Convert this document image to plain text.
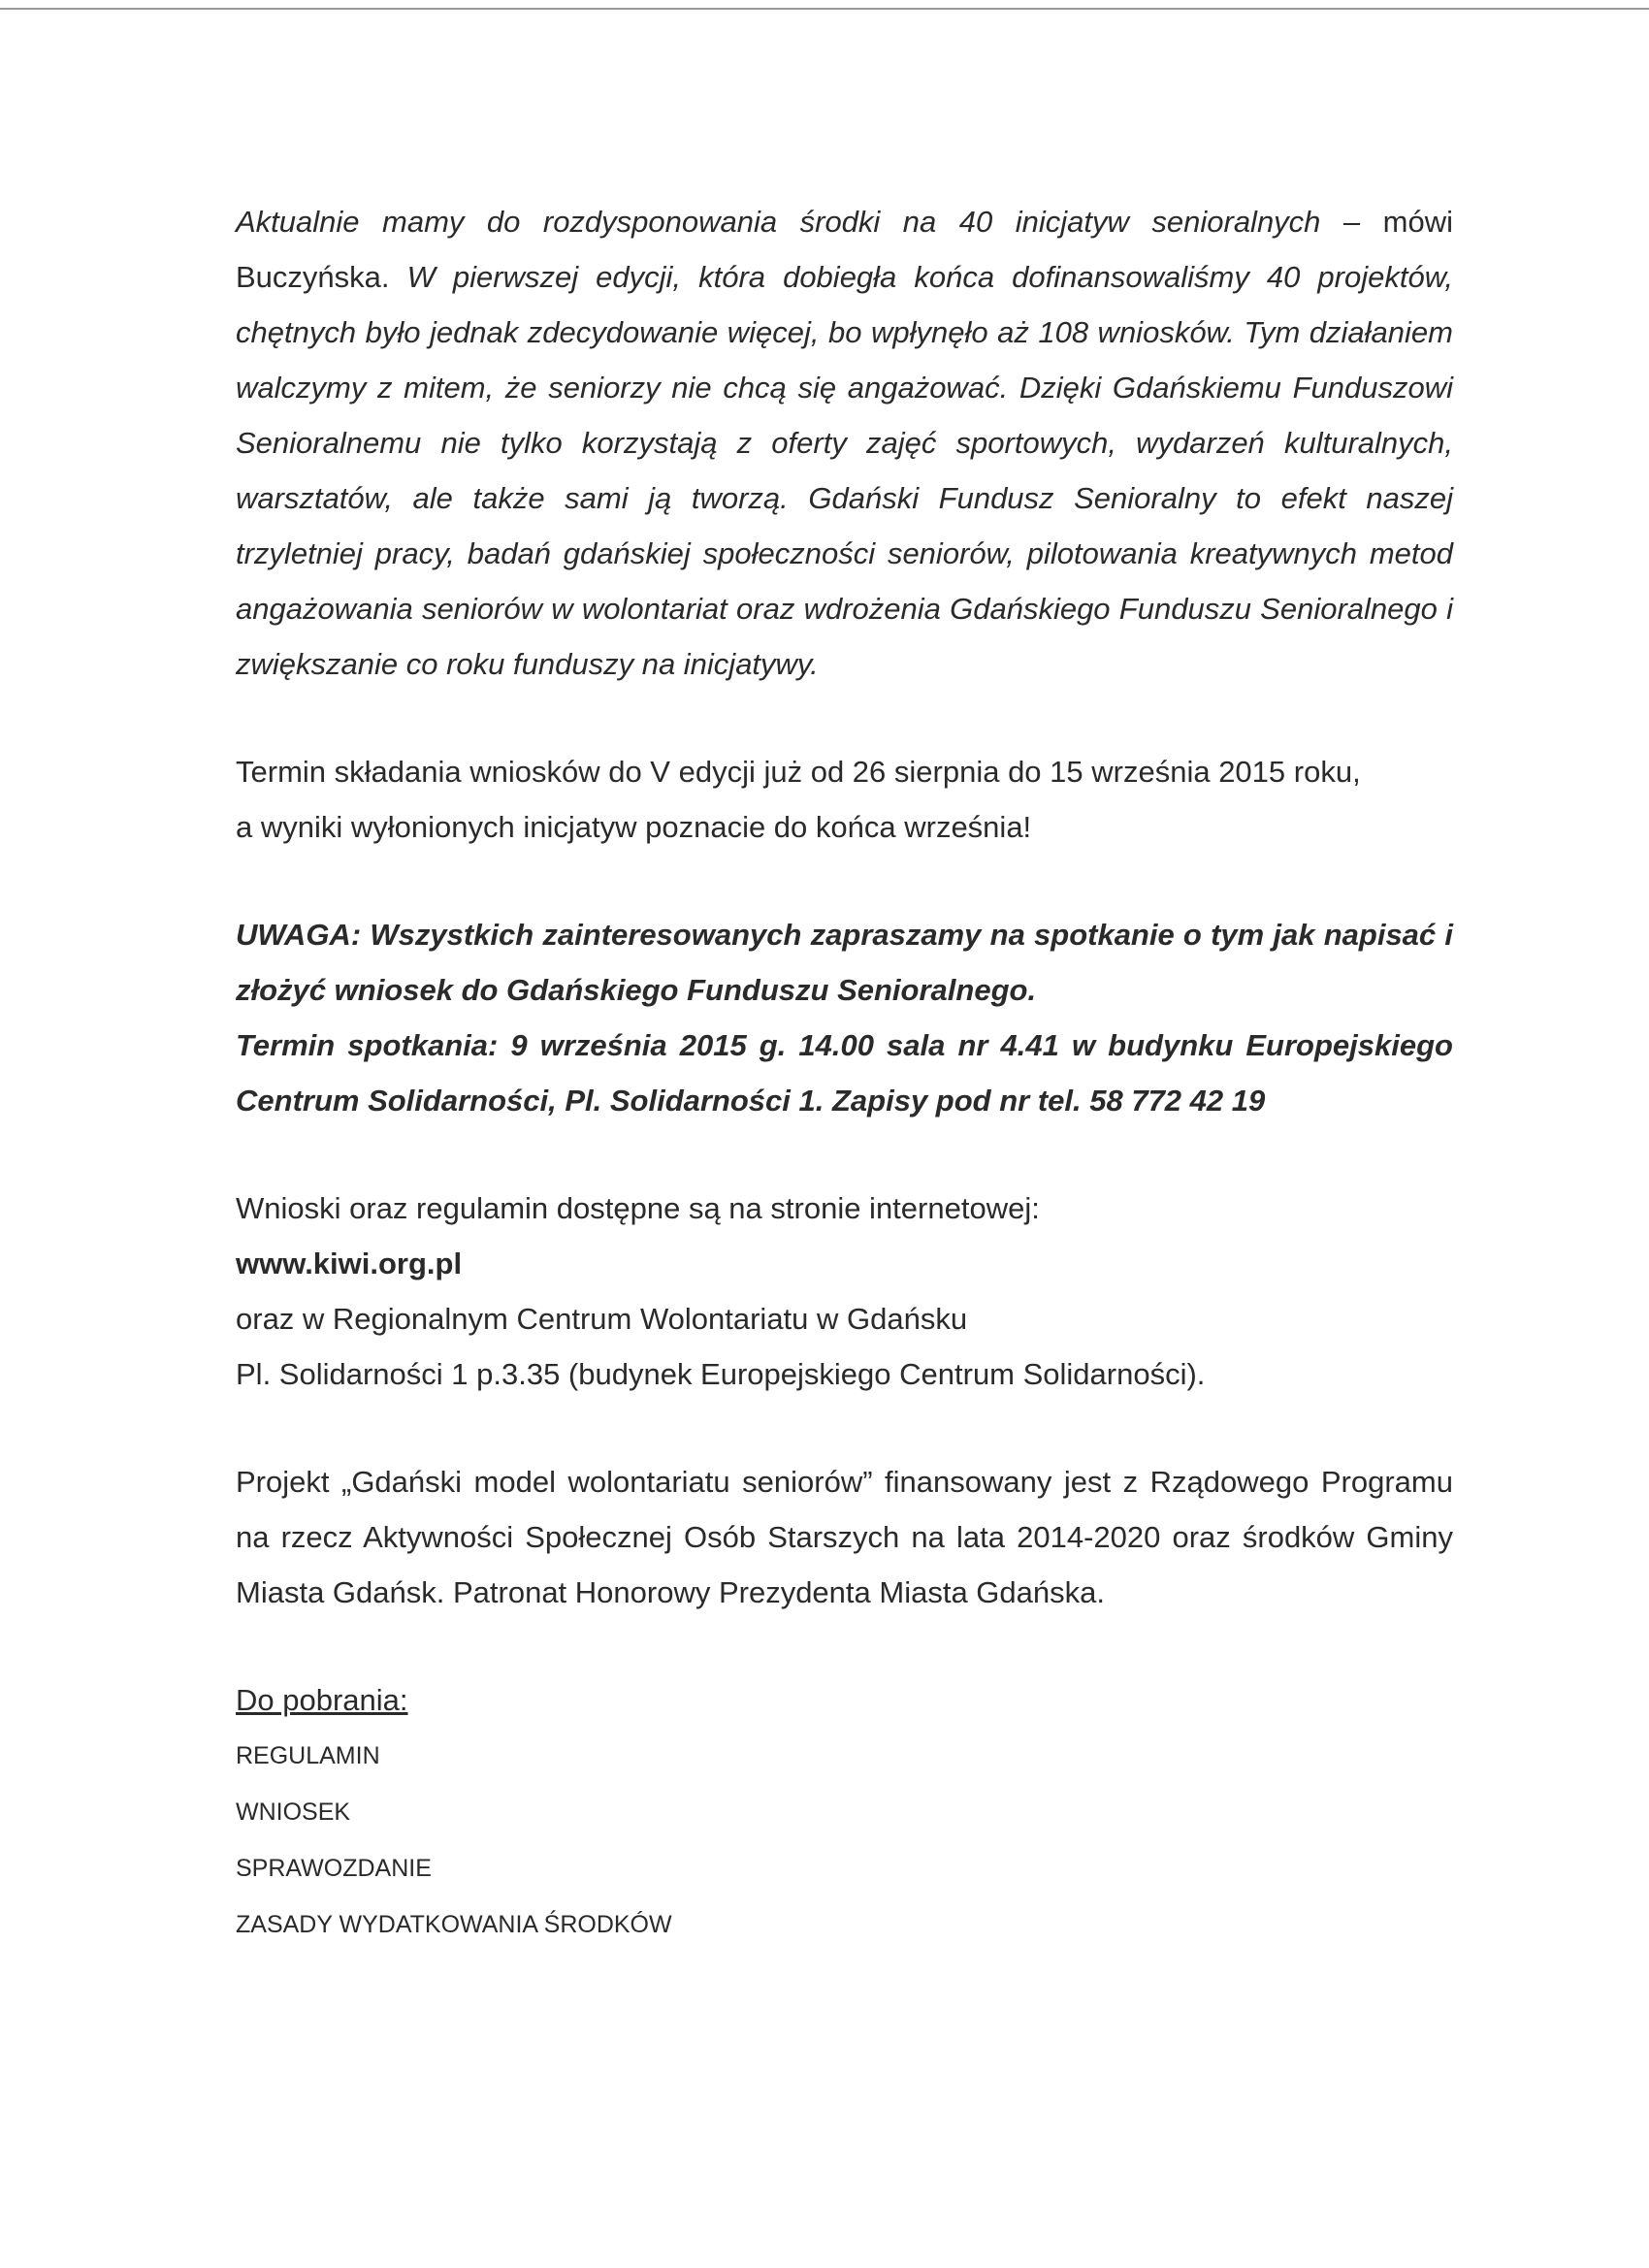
Aktualnie mamy do rozdysponowania środki na 40 inicjatyw senioralnych – mówi Buczyńska. W pierwszej edycji, która dobiegła końca dofinansowaliśmy 40 projektów, chętnych było jednak zdecydowanie więcej, bo wpłynęło aż 108 wniosków. Tym działaniem walczymy z mitem, że seniorzy nie chcą się angażować. Dzięki Gdańskiemu Funduszowi Senioralnemu nie tylko korzystają z oferty zajęć sportowych, wydarzeń kulturalnych, warsztatów, ale także sami ją tworzą. Gdański Fundusz Senioralny to efekt naszej trzyletniej pracy, badań gdańskiej społeczności seniorów, pilotowania kreatywnych metod angażowania seniorów w wolontariat oraz wdrożenia Gdańskiego Funduszu Senioralnego i zwiększanie co roku funduszy na inicjatywy.

Termin składania wniosków do V edycji już od 26 sierpnia do 15 września 2015 roku,

a wyniki wyłonionych inicjatyw poznacie do końca września!

UWAGA: Wszystkich zainteresowanych zapraszamy na spotkanie o tym jak napisać i złożyć wniosek do Gdańskiego Funduszu Senioralnego.

Termin spotkania: 9 września 2015 g. 14.00 sala nr 4.41 w budynku Europejskiego Centrum Solidarności, Pl. Solidarności 1. Zapisy pod nr tel. 58 772 42 19

Wnioski oraz regulamin dostępne są na stronie internetowej:

www.kiwi.org.pl

oraz w Regionalnym Centrum Wolontariatu w Gdańsku

Pl. Solidarności 1 p.3.35 (budynek Europejskiego Centrum Solidarności).

Projekt „Gdański model wolontariatu seniorów” finansowany jest z Rządowego Programu na rzecz Aktywności Społecznej Osób Starszych na lata 2014-2020 oraz środków Gminy Miasta Gdańsk. Patronat Honorowy Prezydenta Miasta Gdańska.

Do pobrania:

REGULAMIN
WNIOSEK
SPRAWOZDANIE
ZASADY WYDATKOWANIA ŚRODKÓW
